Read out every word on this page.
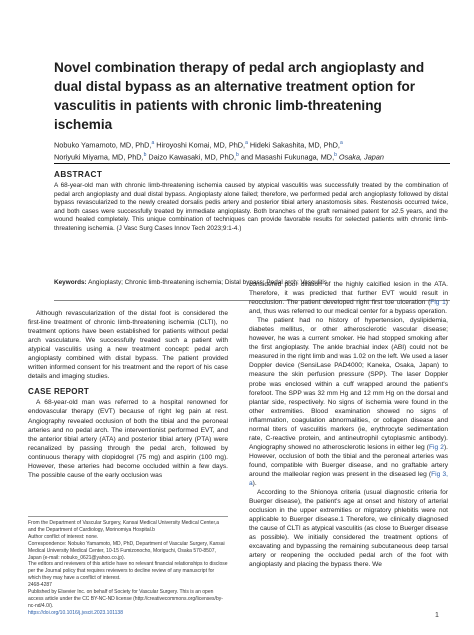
Novel combination therapy of pedal arch angioplasty and dual distal bypass as an alternative treatment option for vasculitis in patients with chronic limb-threatening ischemia
Nobuko Yamamoto, MD, PhD,$^a$ Hiroyoshi Komai, MD, PhD,$^a$ Hideki Sakashita, MD, PhD,$^a$
Noriyuki Miyama, MD, PhD,$^b$ Daizo Kawasaki, MD, PhD,$^b$ and Masashi Fukunaga, MD,$^b$ Osaka, Japan
ABSTRACT
A 68-year-old man with chronic limb-threatening ischemia caused by atypical vasculitis was successfully treated by the combination of pedal arch angioplasty and dual distal bypass. Angioplasty alone failed; therefore, we performed pedal arch angioplasty followed by distal bypass revascularized to the newly created dorsalis pedis artery and posterior tibial artery anastomosis sites. Restenosis occurred twice, and both cases were successfully treated by immediate angioplasty. Both branches of the graft remained patent for ≥2.5 years, and the wound healed completely. This unique combination of techniques can provide favorable results for selected patients with chronic limb-threatening ischemia. (J Vasc Surg Cases Innov Tech 2023;9:1-4.)
Keywords: Angioplasty; Chronic limb-threatening ischemia; Distal bypass; Pedal arch; Vasculitis

Although revascularization of the distal foot is considered the first-line treatment of chronic limb-threatening ischemia (CLTI), no treatment options have been established for patients without pedal arch vasculature. We successfully treated such a patient with atypical vasculitis using a new treatment concept: pedal arch angioplasty combined with distal bypass. The patient provided written informed consent for his treatment and the report of his case details and imaging studies.

CASE REPORT

A 68-year-old man was referred to a hospital renowned for endovascular therapy (EVT) because of right leg pain at rest. Angiography revealed occlusion of both the tibial and the peroneal arteries and no pedal arch. The interventionist performed EVT, and the anterior tibial artery (ATA) and posterior tibial artery (PTA) were recanalized by passing through the pedal arch, followed by continuous therapy with clopidogrel (75 mg) and aspirin (100 mg). However, these arteries had become occluded within a few days. The possible cause of the early occlusion was

considered poor dilation of the highly calcified lesion in the ATA. Therefore, it was predicted that further EVT would result in reocclusion. The patient developed right first toe ulceration (Fig 1) and, thus was referred to our medical center for a bypass operation.

The patient had no history of hypertension, dyslipidemia, diabetes mellitus, or other atherosclerotic vascular disease; however, he was a current smoker. He had stopped smoking after the first angioplasty. The ankle brachial index (ABI) could not be measured in the right limb and was 1.02 on the left. We used a laser Doppler device (SensiLase PAD4000; Kaneka, Osaka, Japan) to measure the skin perfusion pressure (SPP). The laser Doppler probe was enclosed within a cuff wrapped around the patient's forefoot. The SPP was 32 mm Hg and 12 mm Hg on the dorsal and plantar side, respectively. No signs of ischemia were found in the other extremities. Blood examination showed no signs of inflammation, coagulation abnormalities, or collagen disease and normal titers of vasculitis markers (ie, erythrocyte sedimentation rate, C-reactive protein, and antineutrophil cytoplasmic antibody). Angiography showed no atherosclerotic lesions in either leg (Fig 2). However, occlusion of both the tibial and the peroneal arteries was found, compatible with Buerger disease, and no graftable artery around the malleolar region was present in the diseased leg (Fig 3, a).

According to the Shionoya criteria (usual diagnostic criteria for Buerger disease), the patient's age at onset and history of arterial occlusion in the upper extremities or migratory phlebitis were not applicable to Buerger disease.1 Therefore, we clinically diagnosed the cause of CLTI as atypical vasculitis (as close to Buerger disease as possible). We initially considered the treatment options of excavating and bypassing the remaining subcutaneous deep tarsal artery or reopening the occluded pedal arch of the foot with angioplasty and placing the bypass there. We

From the Department of Vascular Surgery, Kansai Medical University Medical Center,a and the Department of Cardiology, Morinomiya Hospital.b

Author conflict of interest: none.

Correspondence: Nobuko Yamamoto, MD, PhD, Department of Vascular Surgery, Kansai Medical University Medical Center, 10-15 Fumizonocho, Moriguchi, Osaka 570-8507, Japan (e-mail: nobuko_0621@yahoo.co.jp).

The editors and reviewers of this article have no relevant financial relationships to disclose per the Journal policy that requires reviewers to decline review of any manuscript for which they may have a conflict of interest.

2468-4287

Published by Elsevier Inc. on behalf of Society for Vascular Surgery. This is an open access article under the CC BY-NC-ND license (http://creativecommons.org/licenses/by-nc-nd/4.0/).

https://doi.org/10.1016/j.jvscit.2023.101138	1
